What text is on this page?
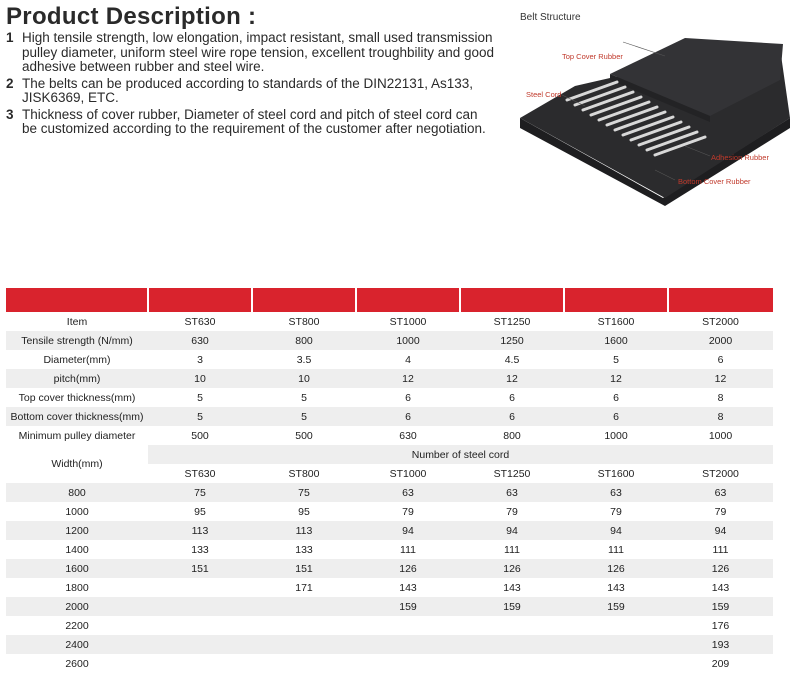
Product Description :
1 High tensile strength, low elongation, impact resistant, small used transmission pulley diameter, uniform steel wire rope tension, excellent troughbility and good adhesive between rubber and steel wire.
2 The belts can be produced according to standards of the DIN22131, As133, JISK6369, ETC.
3 Thickness of cover rubber, Diameter of steel cord and pitch of steel cord can be customized according to the requirement of the customer after negotiation.
Belt Structure
Top Cover Rubber
Steel Cord
Adhesion Rubber
Bottom Cover Rubber

Item	ST630	ST800	ST1000	ST1250	ST1600	ST2000
Tensile strength (N/mm)	630	800	1000	1250	1600	2000
Diameter(mm)	3	3.5	4	4.5	5	6
pitch(mm)	10	10	12	12	12	12
Top cover thickness(mm)	5	5	6	6	6	8
Bottom cover thickness(mm)	5	5	6	6	6	8
Minimum pulley diameter	500	500	630	800	1000	1000
Width(mm)	Number of steel cord					
	ST630	ST800	ST1000	ST1250	ST1600	ST2000
800	75	75	63	63	63	63
1000	95	95	79	79	79	79
1200	113	113	94	94	94	94
1400	133	133	111	111	111	111
1600	151	151	126	126	126	126
1800		171	143	143	143	143
2000			159	159	159	159
2200						176
2400						193
2600						209
